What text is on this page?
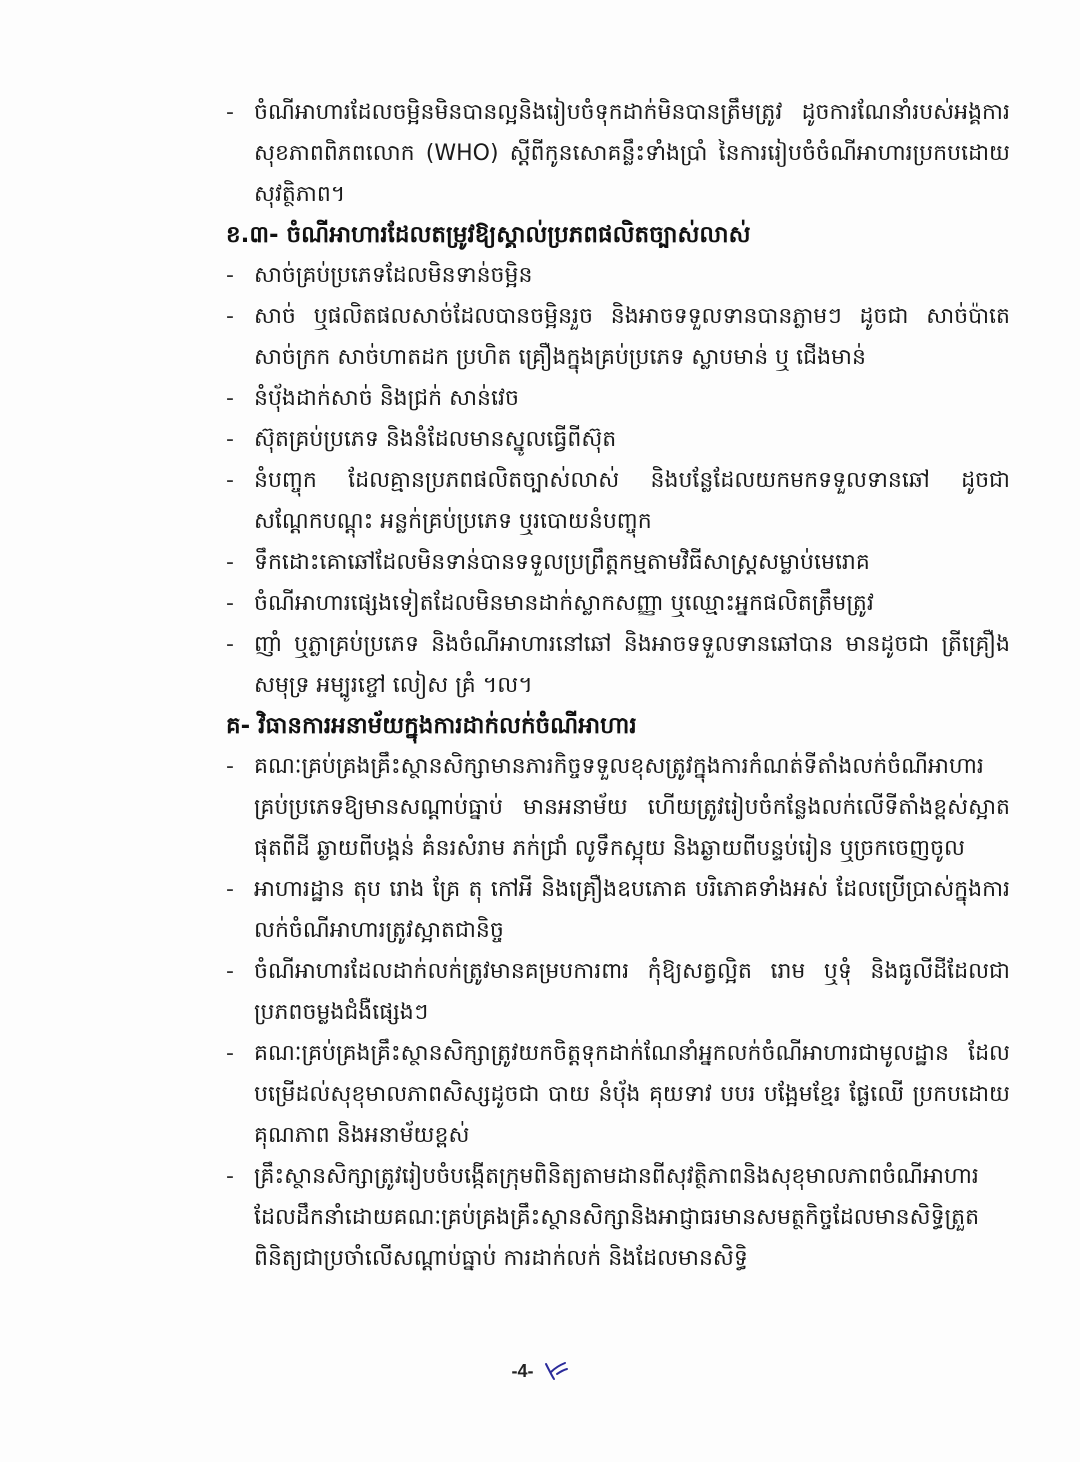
- ចំណីអាហារដែលចម្អិនមិនបានល្អនិងរៀបចំទុកដាក់មិនបានត្រឹមត្រូវ ដូចការណែនាំរបស់អង្គការសុខភាពពិភពលោក (WHO) ស្តីពីកូនសោគន្លឹះទាំងប្រាំ នៃការរៀបចំចំណីអាហារប្រកបដោយសុវត្ថិភាព។

ខ.៣- ចំណីអាហារដែលតម្រូវឱ្យស្គាល់ប្រភពផលិតច្បាស់លាស់

- សាច់គ្រប់ប្រភេទដែលមិនទាន់ចម្អិន

- សាច់ ឬផលិតផលសាច់ដែលបានចម្អិនរួច និងអាចទទួលទានបានភ្លាមៗ ដូចជា សាច់ប៉ាតេ សាច់ក្រក សាច់ហាតដក ប្រហិត គ្រឿងក្នុងគ្រប់ប្រភេទ ស្លាបមាន់ ឬ ជើងមាន់

- នំប៉័ងដាក់សាច់ និងជ្រក់ សាន់វេច

- ស៊ុតគ្រប់ប្រភេទ និងនំដែលមានស្នូលធ្វើពីស៊ុត

- នំបញ្ចុក ដែលគ្មានប្រភពផលិតច្បាស់លាស់ និងបន្លែដែលយកមកទទួលទានឆៅ ដូចជា សណ្តែកបណ្តុះ អន្លក់គ្រប់ប្រភេទ ឬរបោយនំបញ្ចុក

- ទឹកដោះគោឆៅដែលមិនទាន់បានទទួលប្រព្រឹត្តកម្មតាមវិធីសាស្ត្រសម្លាប់មេរោគ

- ចំណីអាហារផ្សេងទៀតដែលមិនមានដាក់ស្លាកសញ្ញា ឬឈ្មោះអ្នកផលិតត្រឹមត្រូវ

- ញាំ ឬភ្លាគ្រប់ប្រភេទ និងចំណីអាហារនៅឆៅ និងអាចទទួលទានឆៅបាន មានដូចជា ត្រីគ្រឿងសមុទ្រ អម្បូរខ្ចៅ លៀស គ្រំ ។ល។

គ- វិធានការអនាម័យក្នុងការដាក់លក់ចំណីអាហារ

- គណៈគ្រប់គ្រងគ្រឹះស្ថានសិក្សាមានភារកិច្ចទទួលខុសត្រូវក្នុងការកំណត់ទីតាំងលក់ចំណីអាហារគ្រប់ប្រភេទឱ្យមានសណ្តាប់ធ្នាប់ មានអនាម័យ ហើយត្រូវរៀបចំកន្លែងលក់លើទីតាំងខ្ពស់ស្អាត ផុតពីដី ឆ្ងាយពីបង្គន់ គំនរសំរាម ភក់ជ្រាំ លូទឹកស្អុយ និងឆ្ងាយពីបន្ទប់រៀន ឬច្រកចេញចូល

- អាហារដ្ឋាន តុប រោង គ្រែ តុ កៅអី និងគ្រឿងឧបភោគ បរិភោគទាំងអស់ ដែលប្រើប្រាស់ក្នុងការលក់ចំណីអាហារត្រូវស្អាតជានិច្ច

- ចំណីអាហារដែលដាក់លក់ត្រូវមានគម្របការពារ កុំឱ្យសត្វល្អិត រោម ឬទុំ និងធូលីដីដែលជាប្រភពចម្លងជំងឺផ្សេងៗ

- គណៈគ្រប់គ្រងគ្រឹះស្ថានសិក្សាត្រូវយកចិត្តទុកដាក់ណែនាំអ្នកលក់ចំណីអាហារជាមូលដ្ឋាន ដែលបម្រើដល់សុខុមាលភាពសិស្សដូចជា បាយ នំប៉័ង គុយទាវ បបរ បង្អែមខ្មែរ ផ្លែឈើ ប្រកបដោយគុណភាព និងអនាម័យខ្ពស់

- គ្រឹះស្ថានសិក្សាត្រូវរៀបចំបង្កើតក្រុមពិនិត្យតាមដានពីសុវត្ថិភាពនិងសុខុមាលភាពចំណីអាហារ ដែលដឹកនាំដោយគណៈគ្រប់គ្រងគ្រឹះស្ថានសិក្សានិងអាជ្ញាធរមានសមត្ថកិច្ចដែលមានសិទ្ធិត្រួតពិនិត្យជាប្រចាំលើសណ្តាប់ធ្នាប់ ការដាក់លក់ និងដែលមានសិទ្ធិ

-4-
